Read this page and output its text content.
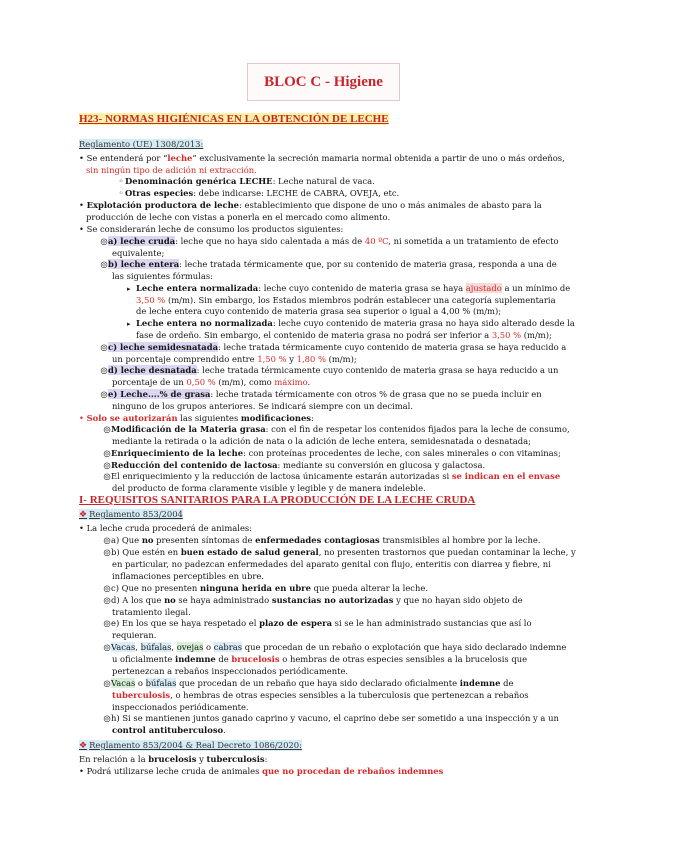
BLOC C - Higiene
H23- NORMAS HIGIÉNICAS EN LA OBTENCIÓN DE LECHE
Reglamento (UE) 1308/2013:
• Se entenderá por “leche” exclusivamente la secreción mamaria normal obtenida a partir de uno o más ordeños,
sin ningún tipo de adición ni extracción.
◦ Denominación genérica LECHE: Leche natural de vaca.
◦ Otras especies: debe indicarse: LECHE de CABRA, OVEJA, etc.
• Explotación productora de leche: establecimiento que dispone de uno o más animales de abasto para la
producción de leche con vistas a ponerla en el mercado como alimento.
• Se considerarán leche de consumo los productos siguientes:
◎a) leche cruda: leche que no haya sido calentada a más de 40 ºC, ni sometida a un tratamiento de efecto
equivalente;
◎b) leche entera: leche tratada térmicamente que, por su contenido de materia grasa, responda a una de
las siguientes fórmulas:
▸ Leche entera normalizada: leche cuyo contenido de materia grasa se haya ajustado a un mínimo de
3,50 % (m/m). Sin embargo, los Estados miembros podrán establecer una categoría suplementaria
de leche entera cuyo contenido de materia grasa sea superior o igual a 4,00 % (m/m);
▸ Leche entera no normalizada: leche cuyo contenido de materia grasa no haya sido alterado desde la
fase de ordeño. Sin embargo, el contenido de materia grasa no podrá ser inferior a 3,50 % (m/m);
◎c) leche semidesnatada: leche tratada térmicamente cuyo contenido de materia grasa se haya reducido a
un porcentaje comprendido entre 1,50 % y 1,80 % (m/m);
◎d) leche desnatada: leche tratada térmicamente cuyo contenido de materia grasa se haya reducido a un
porcentaje de un 0,50 % (m/m), como máximo.
◎e) Leche....% de grasa: leche tratada térmicamente con otros % de grasa que no se pueda incluir en
ninguno de los grupos anteriores. Se indicará siempre con un decimal.
• Solo se autorizarán las siguientes modificaciones:
◎Modificación de la Materia grasa: con el fin de respetar los contenidos fijados para la leche de consumo,
mediante la retirada o la adición de nata o la adición de leche entera, semidesnatada o desnatada;
◎Enriquecimiento de la leche: con proteínas procedentes de leche, con sales minerales o con vitaminas;
◎Reducción del contenido de lactosa: mediante su conversión en glucosa y galactosa.
◎El enriquecimiento y la reducción de lactosa únicamente estarán autorizadas si se indican en el envase
del producto de forma claramente visible y legible y de manera indeleble.
• La leche cruda procederá de animales:
◎a) Que no presenten síntomas de enfermedades contagiosas transmisibles al hombre por la leche.
◎b) Que estén en buen estado de salud general, no presenten trastornos que puedan contaminar la leche, y
en particular, no padezcan enfermedades del aparato genital con flujo, enteritis con diarrea y fiebre, ni
inflamaciones perceptibles en ubre.
◎c) Que no presenten ninguna herida en ubre que pueda alterar la leche.
◎d) A los que no se haya administrado sustancias no autorizadas y que no hayan sido objeto de
tratamiento ilegal.
◎e) En los que se haya respetado el plazo de espera si se le han administrado sustancias que así lo
requieran.
◎Vacas, búfalas, ovejas o cabras que procedan de un rebaño o explotación que haya sido declarado indemne
u oficialmente indemne de brucelosis o hembras de otras especies sensibles a la brucelosis que
pertenezcan a rebaños inspeccionados periódicamente.
◎Vacas o búfalas que procedan de un rebaño que haya sido declarado oficialmente indemne de
tuberculosis, o hembras de otras especies sensibles a la tuberculosis que pertenezcan a rebaños
inspeccionados periódicamente.
◎h) Si se mantienen juntos ganado caprino y vacuno, el caprino debe ser sometido a una inspección y a un
control antituberculoso.
En relación a la brucelosis y tuberculosis:
• Podrá utilizarse leche cruda de animales que no procedan de rebaños indemnes
I- REQUISITOS SANITARIOS PARA LA PRODUCCIÓN DE LA LECHE CRUDA
❖ Reglamento 853/2004
❖ Reglamento 853/2004 & Real Decreto 1086/2020:
